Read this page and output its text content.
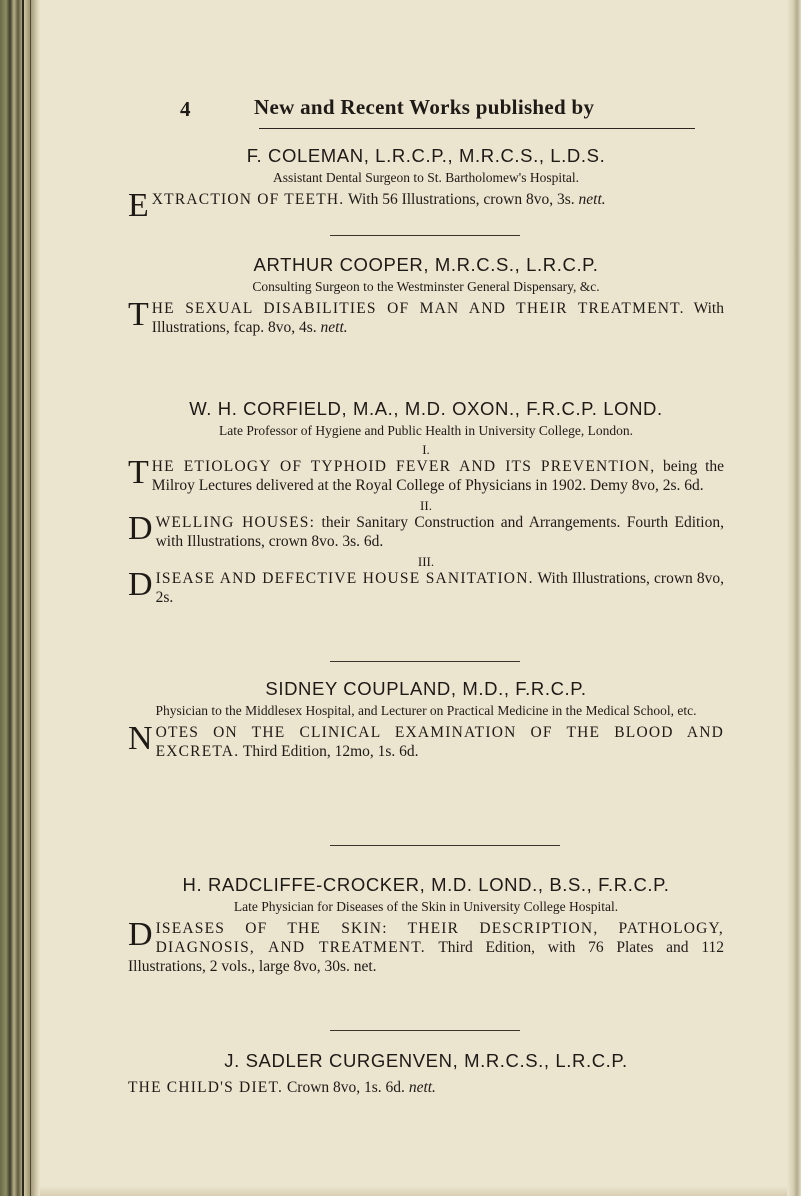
4	New and Recent Works published by

F. COLEMAN, L.R.C.P., M.R.C.S., L.D.S.

Assistant Dental Surgeon to St. Bartholomew's Hospital.

EXTRACTION OF TEETH. With 56 Illustrations, crown 8vo, 3s. nett.

ARTHUR COOPER, M.R.C.S., L.R.C.P.

Consulting Surgeon to the Westminster General Dispensary, &c.

THE SEXUAL DISABILITIES OF MAN AND THEIR TREATMENT. With Illustrations, fcap. 8vo, 4s. nett.

W. H. CORFIELD, M.A., M.D. OXON., F.R.C.P. LOND.

Late Professor of Hygiene and Public Health in University College, London.

I.

THE ETIOLOGY OF TYPHOID FEVER AND ITS PREVENTION, being the Milroy Lectures delivered at the Royal College of Physicians in 1902. Demy 8vo, 2s. 6d.

II.

DWELLING HOUSES: their Sanitary Construction and Arrangements. Fourth Edition, with Illustrations, crown 8vo. 3s. 6d.

III.

DISEASE AND DEFECTIVE HOUSE SANITATION. With Illustrations, crown 8vo, 2s.

SIDNEY COUPLAND, M.D., F.R.C.P.

Physician to the Middlesex Hospital, and Lecturer on Practical Medicine in the Medical School, etc.

NOTES ON THE CLINICAL EXAMINATION OF THE BLOOD AND EXCRETA. Third Edition, 12mo, 1s. 6d.

H. RADCLIFFE-CROCKER, M.D. LOND., B.S., F.R.C.P.

Late Physician for Diseases of the Skin in University College Hospital.

DISEASES OF THE SKIN: THEIR DESCRIPTION, PATHOLOGY, DIAGNOSIS, AND TREATMENT. Third Edition, with 76 Plates and 112 Illustrations, 2 vols., large 8vo, 30s. net.

J. SADLER CURGENVEN, M.R.C.S., L.R.C.P.

THE CHILD'S DIET. Crown 8vo, 1s. 6d. nett.
